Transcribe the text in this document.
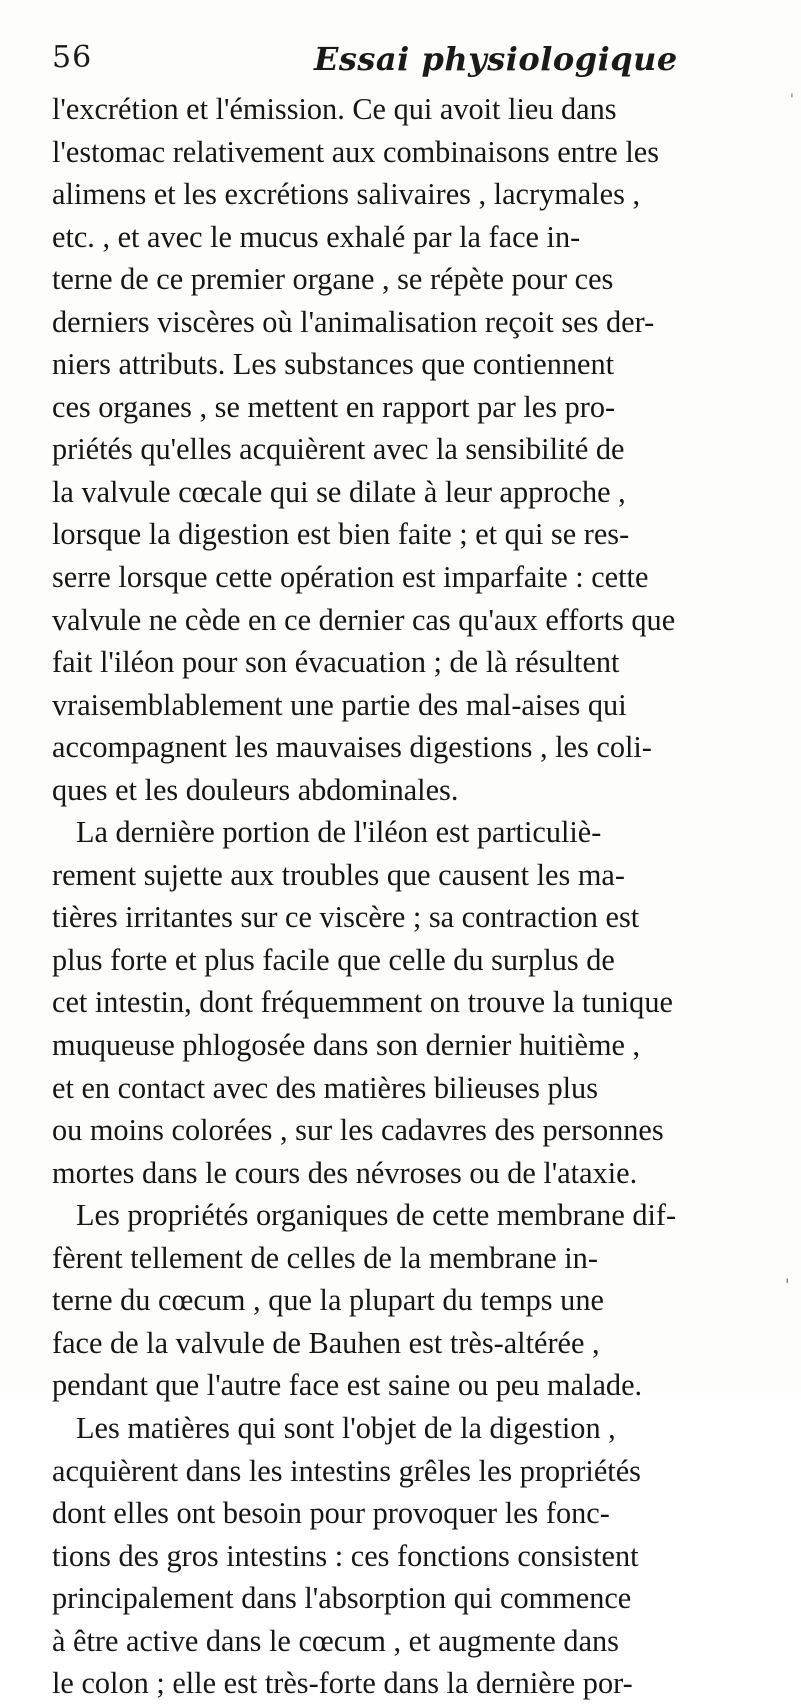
56	Essai physiologique
l'excrétion et l'émission. Ce qui avoit lieu dans
l'estomac relativement aux combinaisons entre les
alimens et les excrétions salivaires , lacrymales ,
etc. , et avec le mucus exhalé par la face in-
terne de ce premier organe , se répète pour ces
derniers viscères où l'animalisation reçoit ses der-
niers attributs. Les substances que contiennent
ces organes , se mettent en rapport par les pro-
priétés qu'elles acquièrent avec la sensibilité de
la valvule cœcale qui se dilate à leur approche ,
lorsque la digestion est bien faite ; et qui se res-
serre lorsque cette opération est imparfaite : cette
valvule ne cède en ce dernier cas qu'aux efforts que
fait l'iléon pour son évacuation ; de là résultent
vraisemblablement une partie des mal-aises qui
accompagnent les mauvaises digestions , les coli-
ques et les douleurs abdominales.
La dernière portion de l'iléon est particuliè-
rement sujette aux troubles que causent les ma-
tières irritantes sur ce viscère ; sa contraction est
plus forte et plus facile que celle du surplus de
cet intestin, dont fréquemment on trouve la tunique
muqueuse phlogosée dans son dernier huitième ,
et en contact avec des matières bilieuses plus
ou moins colorées , sur les cadavres des personnes
mortes dans le cours des névroses ou de l'ataxie.
Les propriétés organiques de cette membrane dif-
fèrent tellement de celles de la membrane in-
terne du cœcum , que la plupart du temps une
face de la valvule de Bauhen est très-altérée ,
pendant que l'autre face est saine ou peu malade.
Les matières qui sont l'objet de la digestion ,
acquièrent dans les intestins grêles les propriétés
dont elles ont besoin pour provoquer les fonc-
tions des gros intestins : ces fonctions consistent
principalement dans l'absorption qui commence
à être active dans le cœcum , et augmente dans
le colon ; elle est très-forte dans la dernière por-
'
'
